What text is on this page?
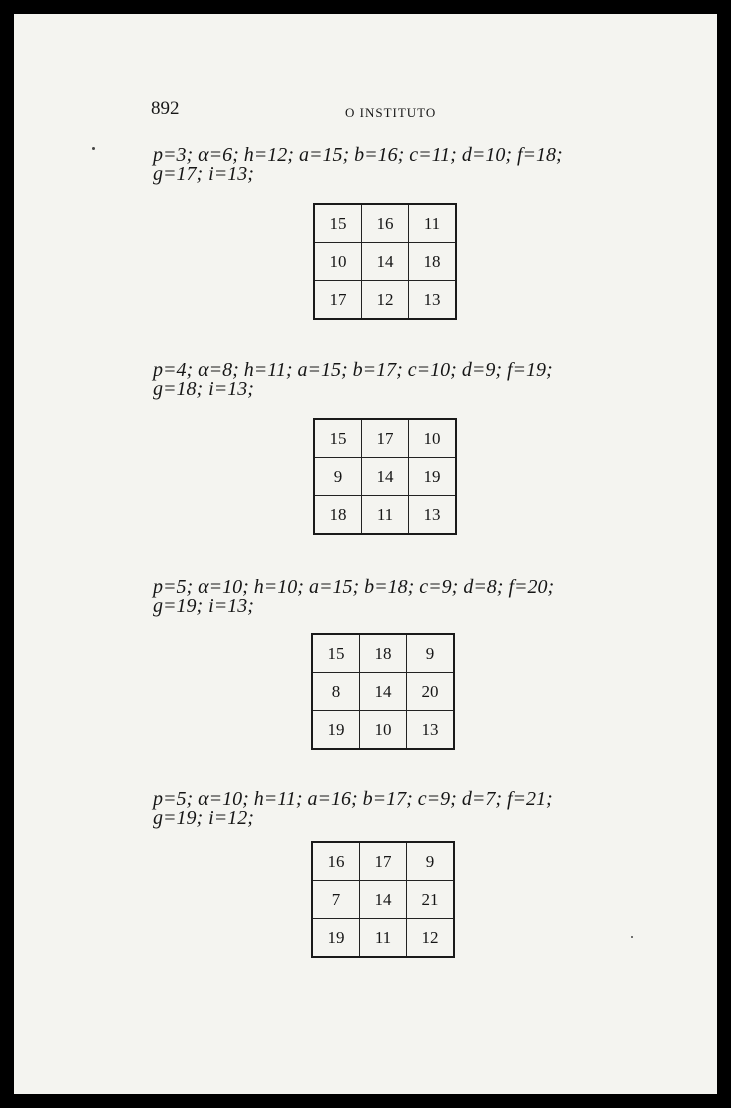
892	O INSTITUTO
p=3; α=6; h=12; a=15; b=16; c=11; d=10; f=18;
g=17; i=13;
15	16	11
10	14	18
17	12	13
p=4; α=8; h=11; a=15; b=17; c=10; d=9; f=19;
g=18; i=13;
15	17	10
9	14	19
18	11	13
p=5; α=10; h=10; a=15; b=18; c=9; d=8; f=20;
g=19; i=13;
15	18	9
8	14	20
19	10	13
p=5; α=10; h=11; a=16; b=17; c=9; d=7; f=21;
g=19; i=12;
16	17	9
7	14	21
19	11	12
